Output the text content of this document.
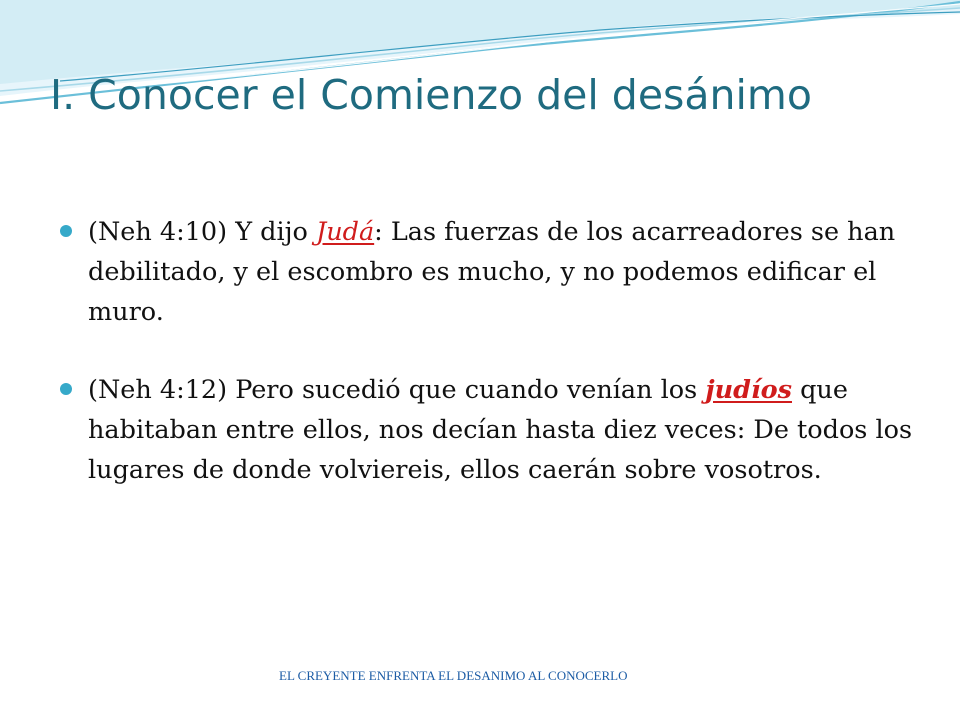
I. Conocer el Comienzo del desánimo
(Neh 4:10) Y dijo Judá: Las fuerzas de los acarreadores se han debilitado, y el escombro es mucho, y no podemos edificar el muro.
(Neh 4:12) Pero sucedió que cuando venían los judíos que habitaban entre ellos, nos decían hasta diez veces: De todos los lugares de donde volviereis, ellos caerán sobre vosotros.
EL CREYENTE ENFRENTA EL DESANIMO AL CONOCERLO
